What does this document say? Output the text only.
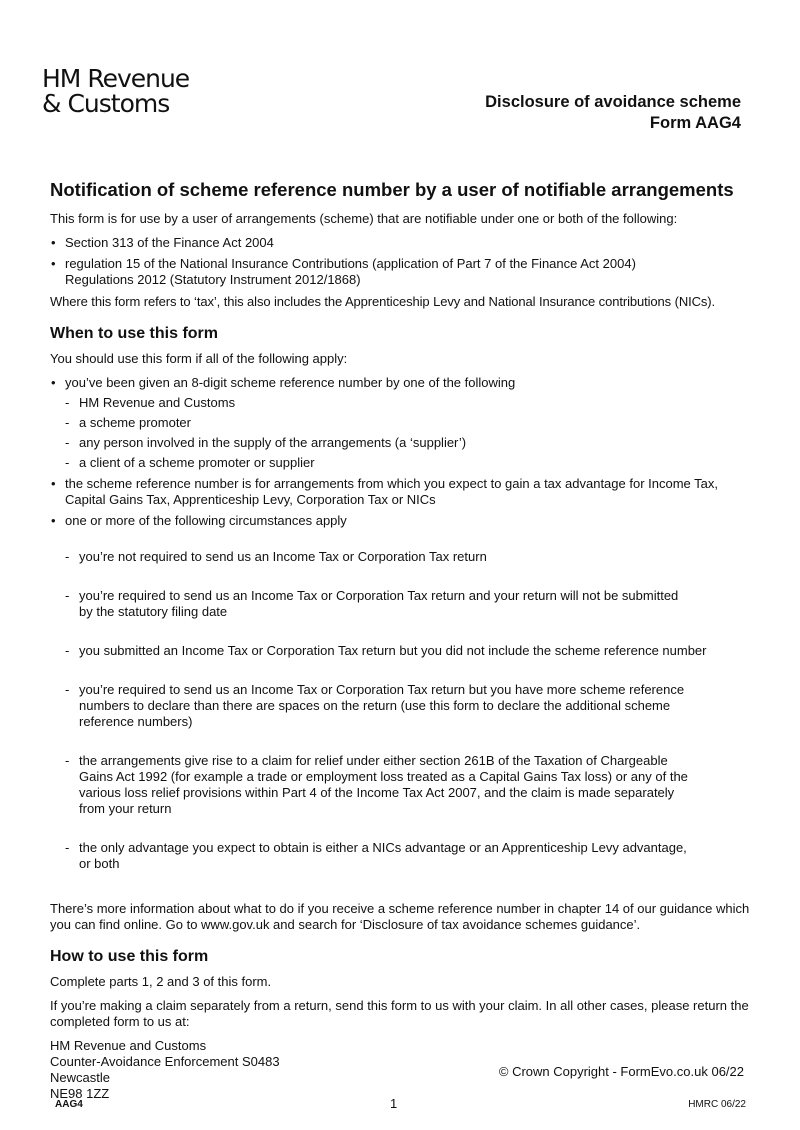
HM Revenue
& Customs	Disclosure of avoidance scheme
Form AAG4
Notification of scheme reference number by a user of notifiable arrangements

This form is for use by a user of arrangements (scheme) that are notifiable under one or both of the following:

• Section 313 of the Finance Act 2004
• regulation 15 of the National Insurance Contributions (application of Part 7 of the Finance Act 2004)
Regulations 2012 (Statutory Instrument 2012/1868)

Where this form refers to ‘tax’, this also includes the Apprenticeship Levy and National Insurance contributions (NICs).

When to use this form

You should use this form if all of the following apply:

• you’ve been given an 8-digit scheme reference number by one of the following
- HM Revenue and Customs
- a scheme promoter
- any person involved in the supply of the arrangements (a ‘supplier’)
- a client of a scheme promoter or supplier
• the scheme reference number is for arrangements from which you expect to gain a tax advantage for Income Tax, Capital Gains Tax, Apprenticeship Levy, Corporation Tax or NICs
• one or more of the following circumstances apply

- you’re not required to send us an Income Tax or Corporation Tax return

- you’re required to send us an Income Tax or Corporation Tax return and your return will not be submitted
by the statutory filing date

- you submitted an Income Tax or Corporation Tax return but you did not include the scheme reference number

- you’re required to send us an Income Tax or Corporation Tax return but you have more scheme reference
numbers to declare than there are spaces on the return (use this form to declare the additional scheme
reference numbers)

- the arrangements give rise to a claim for relief under either section 261B of the Taxation of Chargeable
Gains Act 1992 (for example a trade or employment loss treated as a Capital Gains Tax loss) or any of the
various loss relief provisions within Part 4 of the Income Tax Act 2007, and the claim is made separately
from your return

- the only advantage you expect to obtain is either a NICs advantage or an Apprenticeship Levy advantage,
or both

There’s more information about what to do if you receive a scheme reference number in chapter 14 of our guidance which you can find online. Go to www.gov.uk and search for ‘Disclosure of tax avoidance schemes guidance’.

How to use this form

Complete parts 1, 2 and 3 of this form.

If you’re making a claim separately from a return, send this form to us with your claim. In all other cases, please return the completed form to us at:

HM Revenue and Customs

Counter-Avoidance Enforcement S0483

Newcastle

NE98 1ZZ

© Crown Copyright - FormEvo.co.uk 06/22
AAG4	1	HMRC 06/22
